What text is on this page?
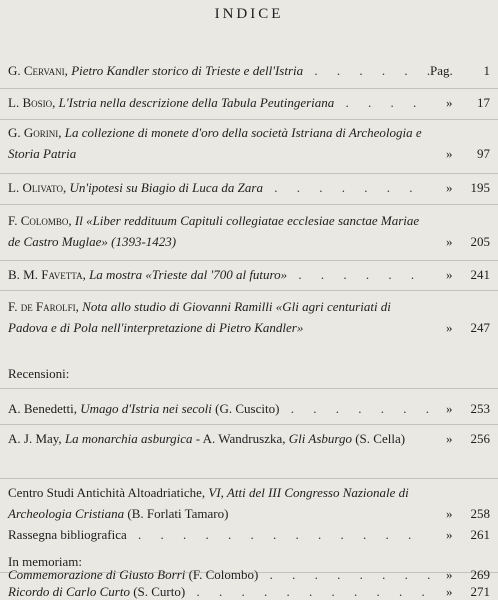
INDICE
G. Cervani, Pietro Kandler storico di Trieste e dell'Istria . . .	Pag. 1
L. Bosio, L'Istria nella descrizione della Tabula Peutingeriana . . .	» 17
G. Gorini, La collezione di monete d'oro della società Istriana di Archeologia e Storia Patria	» 97
L. Olivato, Un'ipotesi su Biagio di Luca da Zara . . .	» 195
F. Colombo, Il «Liber reddituum Capituli collegiatae ecclesiae sanctae Mariae de Castro Muglae» (1393-1423)	» 205
B. M. Favetta, La mostra «Trieste dal '700 al futuro» . . .	» 241
F. de Farolfi, Nota allo studio di Giovanni Ramilli «Gli agri centuriati di Padova e di Pola nell'interpretazione di Pietro Kandler»	» 247
Recensioni:
A. Benedetti, Umago d'Istria nei secoli (G. Cuscito) . . .	» 253
A. J. May, La monarchia asburgica - A. Wandruszka, Gli Asburgo (S. Cella)	» 256
Centro Studi Antichità Altoadriatiche, VI, Atti del III Congresso Nazionale di Archeologia Cristiana (B. Forlati Tamaro)	» 258
Rassegna bibliografica . . .	» 261
In memoriam:
Commemorazione di Giusto Borri (F. Colombo) . . .	» 269
Ricordo di Carlo Curto (S. Curto) . . .	» 271
